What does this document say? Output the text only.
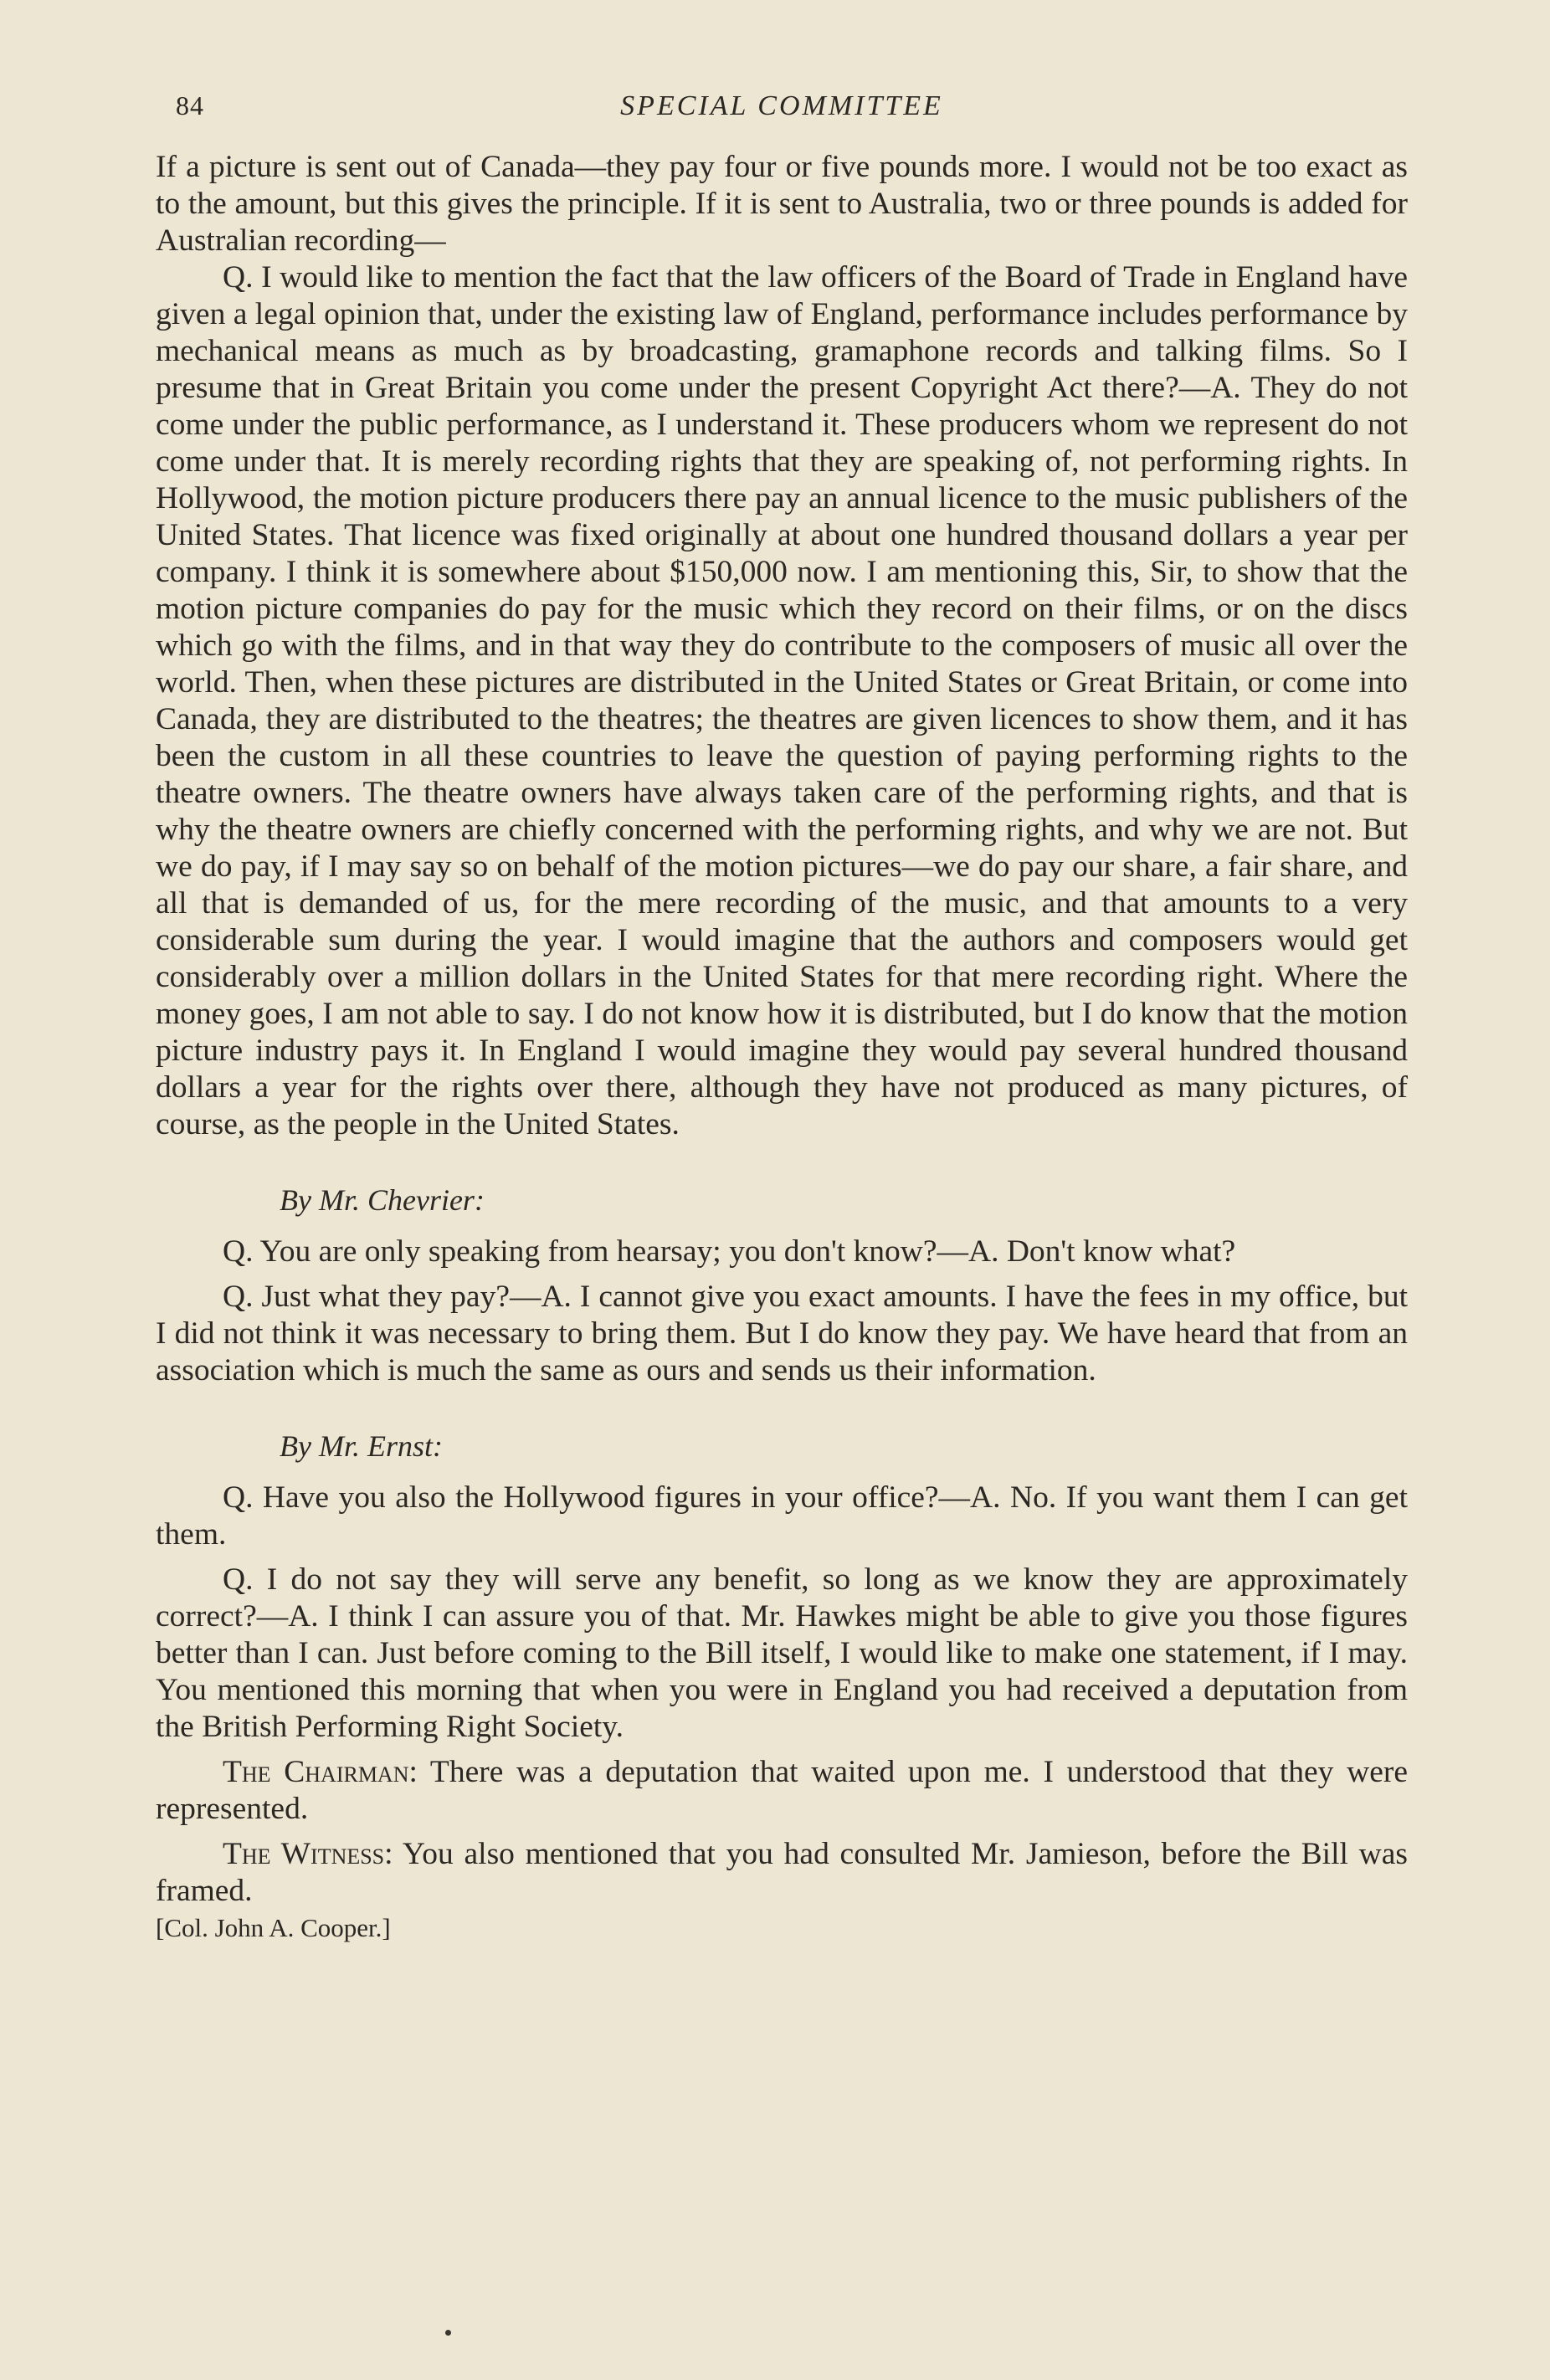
84	SPECIAL COMMITTEE

If a picture is sent out of Canada—they pay four or five pounds more. I would not be too exact as to the amount, but this gives the principle. If it is sent to Australia, two or three pounds is added for Australian recording—

Q. I would like to mention the fact that the law officers of the Board of Trade in England have given a legal opinion that, under the existing law of England, performance includes performance by mechanical means as much as by broadcasting, gramaphone records and talking films. So I presume that in Great Britain you come under the present Copyright Act there?—A. They do not come under the public performance, as I understand it. These producers whom we represent do not come under that. It is merely recording rights that they are speaking of, not performing rights. In Hollywood, the motion picture producers there pay an annual licence to the music publishers of the United States. That licence was fixed originally at about one hundred thousand dollars a year per company. I think it is somewhere about $150,000 now. I am mentioning this, Sir, to show that the motion picture companies do pay for the music which they record on their films, or on the discs which go with the films, and in that way they do contribute to the composers of music all over the world. Then, when these pictures are distributed in the United States or Great Britain, or come into Canada, they are distributed to the theatres; the theatres are given licences to show them, and it has been the custom in all these countries to leave the question of paying performing rights to the theatre owners. The theatre owners have always taken care of the performing rights, and that is why the theatre owners are chiefly concerned with the performing rights, and why we are not. But we do pay, if I may say so on behalf of the motion pictures—we do pay our share, a fair share, and all that is demanded of us, for the mere recording of the music, and that amounts to a very considerable sum during the year. I would imagine that the authors and composers would get considerably over a million dollars in the United States for that mere recording right. Where the money goes, I am not able to say. I do not know how it is distributed, but I do know that the motion picture industry pays it. In England I would imagine they would pay several hundred thousand dollars a year for the rights over there, although they have not produced as many pictures, of course, as the people in the United States.

By Mr. Chevrier:

Q. You are only speaking from hearsay; you don't know?—A. Don't know what?

Q. Just what they pay?—A. I cannot give you exact amounts. I have the fees in my office, but I did not think it was necessary to bring them. But I do know they pay. We have heard that from an association which is much the same as ours and sends us their information.

By Mr. Ernst:

Q. Have you also the Hollywood figures in your office?—A. No. If you want them I can get them.

Q. I do not say they will serve any benefit, so long as we know they are approximately correct?—A. I think I can assure you of that. Mr. Hawkes might be able to give you those figures better than I can. Just before coming to the Bill itself, I would like to make one statement, if I may. You mentioned this morning that when you were in England you had received a deputation from the British Performing Right Society.

The Chairman: There was a deputation that waited upon me. I understood that they were represented.

The Witness: You also mentioned that you had consulted Mr. Jamieson, before the Bill was framed.

[Col. John A. Cooper.]
